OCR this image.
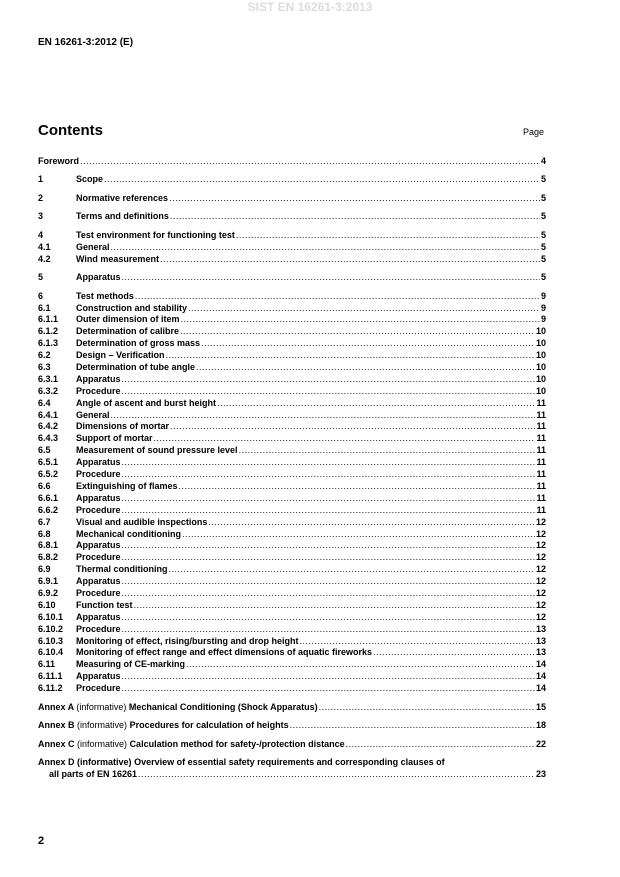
SIST EN 16261-3:2013
EN 16261-3:2012 (E)
Contents	Page
Foreword .....	4
1	Scope .....	5
2	Normative references .....	5
3	Terms and definitions .....	5
4	Test environment for functioning test .....	5
4.1	General .....	5
4.2	Wind measurement .....	5
5	Apparatus .....	5
6	Test methods .....	9
6.1	Construction and stability .....	9
6.1.1 Outer dimension of item .....	9
6.1.2 Determination of calibre .....	10
6.1.3 Determination of gross mass .....	10
6.2	Design – Verification .....	10
6.3	Determination of tube angle .....	10
6.3.1 Apparatus .....	10
6.3.2 Procedure .....	10
6.4	Angle of ascent and burst height .....	11
6.4.1 General .....	11
6.4.2 Dimensions of mortar .....	11
6.4.3 Support of mortar .....	11
6.5	Measurement of sound pressure level .....	11
6.5.1 Apparatus .....	11
6.5.2 Procedure .....	11
6.6	Extinguishing of flames .....	11
6.6.1 Apparatus .....	11
6.6.2 Procedure .....	11
6.7	Visual and audible inspections .....	12
6.8	Mechanical conditioning .....	12
6.8.1 Apparatus .....	12
6.8.2 Procedure .....	12
6.9	Thermal conditioning .....	12
6.9.1 Apparatus .....	12
6.9.2 Procedure .....	12
6.10 Function test .....	12
6.10.1 Apparatus .....	12
6.10.2 Procedure .....	13
6.10.3 Monitoring of effect, rising/bursting and drop height .....	13
6.10.4 Monitoring of effect range and effect dimensions of aquatic fireworks .....	13
6.11 Measuring of CE-marking .....	14
6.11.1 Apparatus .....	14
6.11.2 Procedure .....	14
Annex A (informative) Mechanical Conditioning (Shock Apparatus) .....	15
Annex B (informative) Procedures for calculation of heights .....	18
Annex C (informative) Calculation method for safety-/protection distance .....	22
Annex D (informative) Overview of essential safety requirements and corresponding clauses of
all parts of EN 16261 .....	23
2
